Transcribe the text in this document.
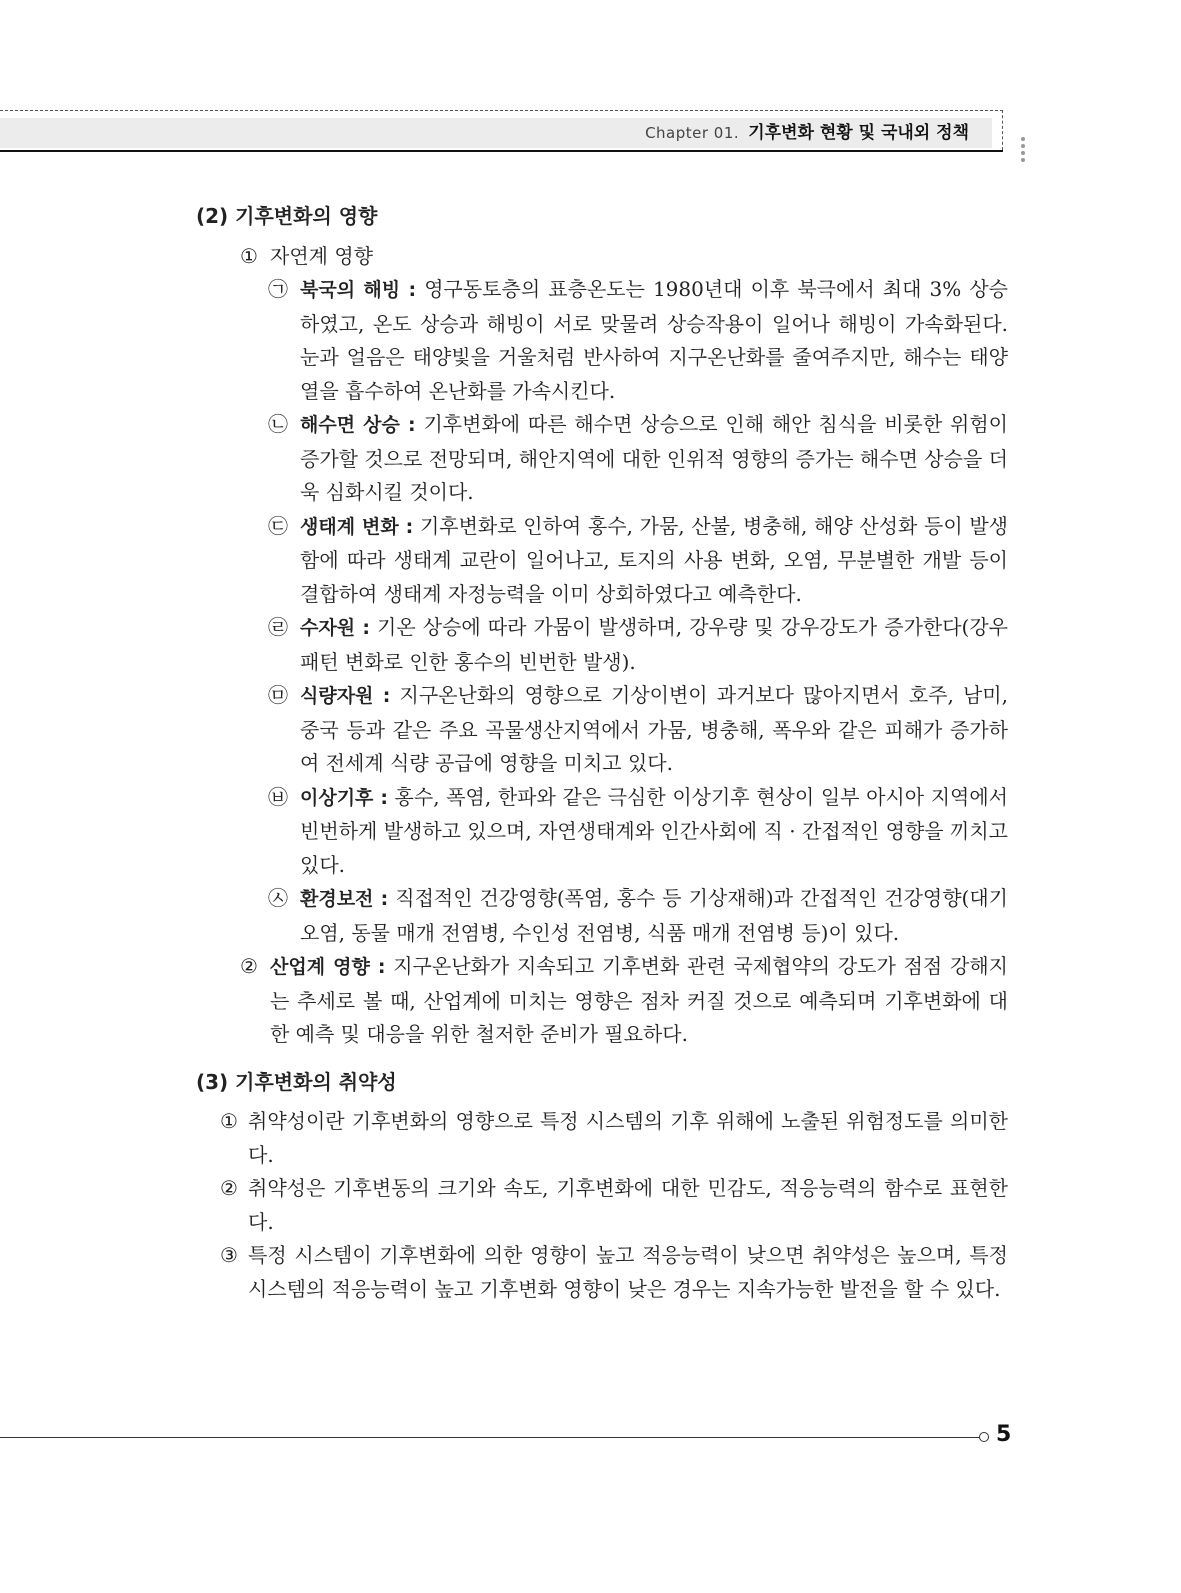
Chapter 01. 기후변화 현황 및 국내외 정책
(2) 기후변화의 영향
① 자연계 영향
㉠ 북국의 해빙 : 영구동토층의 표층온도는 1980년대 이후 북극에서 최대 3% 상승하였고, 온도 상승과 해빙이 서로 맞물려 상승작용이 일어나 해빙이 가속화된다. 눈과 얼음은 태양빛을 거울처럼 반사하여 지구온난화를 줄여주지만, 해수는 태양열을 흡수하여 온난화를 가속시킨다.
㉡ 해수면 상승 : 기후변화에 따른 해수면 상승으로 인해 해안 침식을 비롯한 위험이 증가할 것으로 전망되며, 해안지역에 대한 인위적 영향의 증가는 해수면 상승을 더욱 심화시킬 것이다.
㉢ 생태계 변화 : 기후변화로 인하여 홍수, 가뭄, 산불, 병충해, 해양 산성화 등이 발생함에 따라 생태계 교란이 일어나고, 토지의 사용 변화, 오염, 무분별한 개발 등이 결합하여 생태계 자정능력을 이미 상회하였다고 예측한다.
㉣ 수자원 : 기온 상승에 따라 가뭄이 발생하며, 강우량 및 강우강도가 증가한다(강우 패턴 변화로 인한 홍수의 빈번한 발생).
㉤ 식량자원 : 지구온난화의 영향으로 기상이변이 과거보다 많아지면서 호주, 남미, 중국 등과 같은 주요 곡물생산지역에서 가뭄, 병충해, 폭우와 같은 피해가 증가하여 전세계 식량 공급에 영향을 미치고 있다.
㉥ 이상기후 : 홍수, 폭염, 한파와 같은 극심한 이상기후 현상이 일부 아시아 지역에서 빈번하게 발생하고 있으며, 자연생태계와 인간사회에 직 · 간접적인 영향을 끼치고 있다.
㉦ 환경보전 : 직접적인 건강영향(폭염, 홍수 등 기상재해)과 간접적인 건강영향(대기오염, 동물 매개 전염병, 수인성 전염병, 식품 매개 전염병 등)이 있다.
② 산업계 영향 : 지구온난화가 지속되고 기후변화 관련 국제협약의 강도가 점점 강해지는 추세로 볼 때, 산업계에 미치는 영향은 점차 커질 것으로 예측되며 기후변화에 대한 예측 및 대응을 위한 철저한 준비가 필요하다.
(3) 기후변화의 취약성
① 취약성이란 기후변화의 영향으로 특정 시스템의 기후 위해에 노출된 위험정도를 의미한다.
② 취약성은 기후변동의 크기와 속도, 기후변화에 대한 민감도, 적응능력의 함수로 표현한다.
③ 특정 시스템이 기후변화에 의한 영향이 높고 적응능력이 낮으면 취약성은 높으며, 특정 시스템의 적응능력이 높고 기후변화 영향이 낮은 경우는 지속가능한 발전을 할 수 있다.
5
